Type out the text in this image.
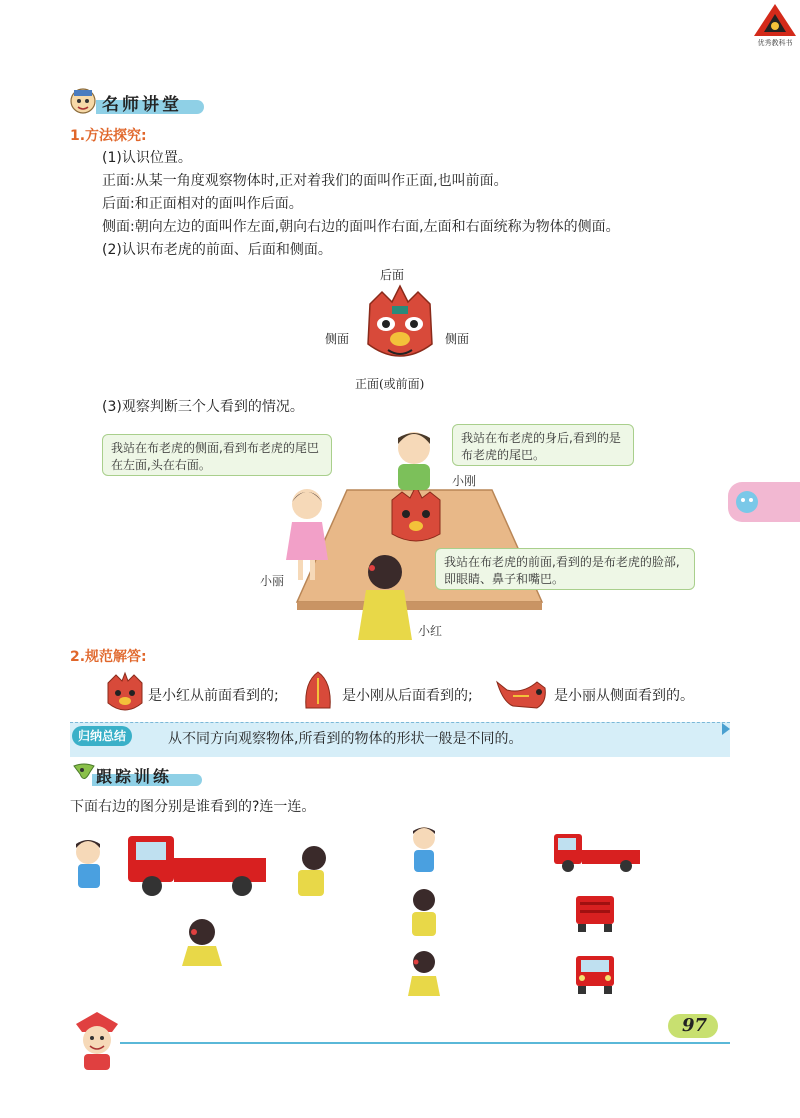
优秀教科书
名师讲堂
1.方法探究:
(1)认识位置。
正面:从某一角度观察物体时,正对着我们的面叫作正面,也叫前面。
后面:和正面相对的面叫作后面。
侧面:朝向左边的面叫作左面,朝向右边的面叫作右面,左面和右面统称为物体的侧面。
(2)认识布老虎的前面、后面和侧面。
后面
侧面	侧面
正面(或前面)
(3)观察判断三个人看到的情况。
我站在布老虎的侧面,看到布老虎的尾巴在左面,头在右面。
我站在布老虎的身后,看到的是布老虎的尾巴。
我站在布老虎的前面,看到的是布老虎的脸部,即眼睛、鼻子和嘴巴。
小刚
小丽
小红
2.规范解答:
是小红从前面看到的;	是小刚从后面看到的;	是小丽从侧面看到的。
归纳总结	从不同方向观察物体,所看到的物体的形状一般是不同的。
跟踪训练
下面右边的图分别是谁看到的?连一连。
97
